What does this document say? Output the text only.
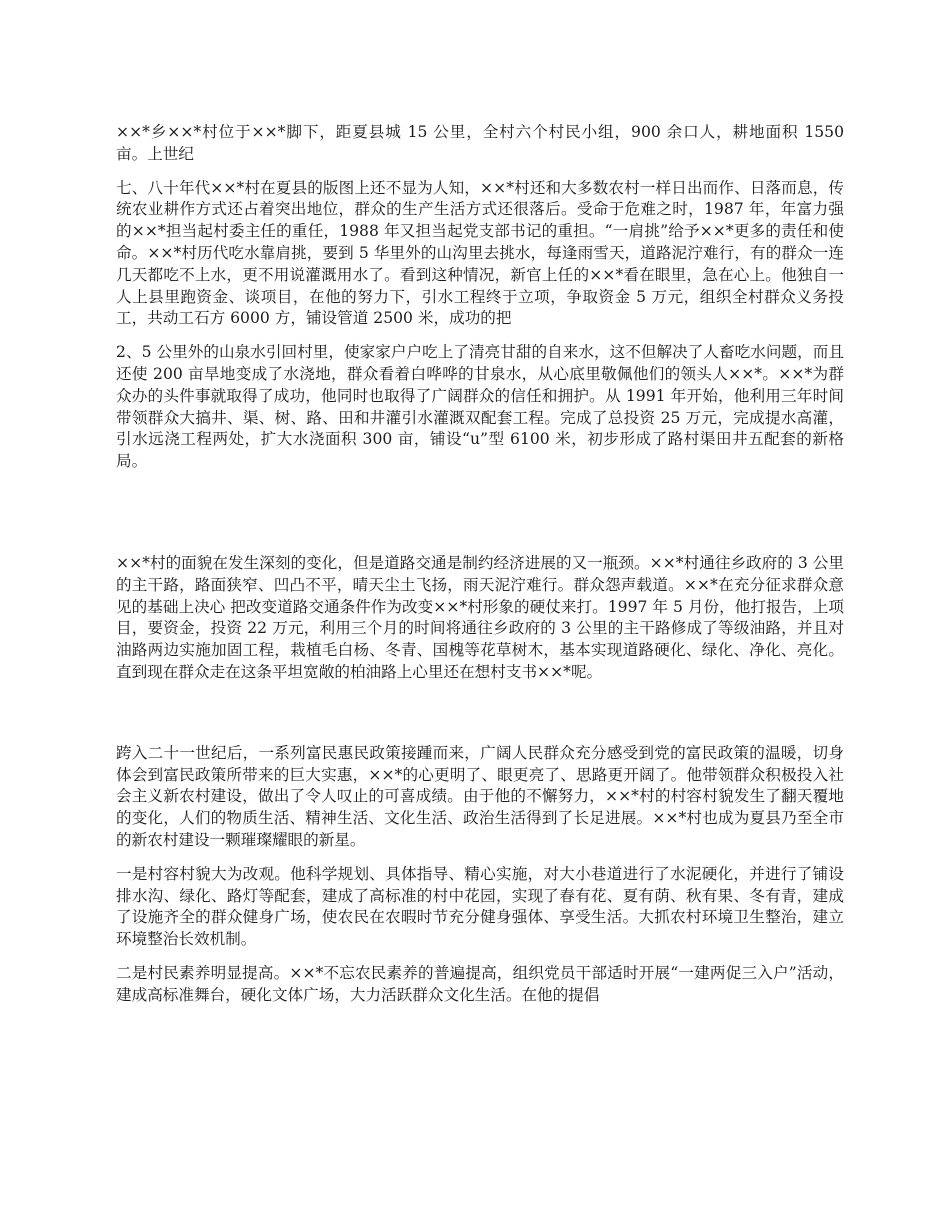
××*乡××*村位于××*脚下，距夏县城 15 公里，全村六个村民小组，900 余口人，耕地面积 1550 亩。上世纪

七、八十年代××*村在夏县的版图上还不显为人知，××*村还和大多数农村一样日出而作、日落而息，传统农业耕作方式还占着突出地位，群众的生产生活方式还很落后。受命于危难之时，1987 年，年富力强的××*担当起村委主任的重任，1988 年又担当起党支部书记的重担。“一肩挑”给予××*更多的责任和使命。××*村历代吃水靠肩挑，要到 5 华里外的山沟里去挑水，每逢雨雪天，道路泥泞难行，有的群众一连几天都吃不上水，更不用说灌溉用水了。看到这种情况，新官上任的××*看在眼里，急在心上。他独自一人上县里跑资金、谈项目，在他的努力下，引水工程终于立项，争取资金 5 万元，组织全村群众义务投工，共动工石方 6000 方，铺设管道 2500 米，成功的把

2、5 公里外的山泉水引回村里，使家家户户吃上了清亮甘甜的自来水，这不但解决了人畜吃水问题，而且还使 200 亩旱地变成了水浇地，群众看着白哗哗的甘泉水，从心底里敬佩他们的领头人××*。××*为群众办的头件事就取得了成功，他同时也取得了广阔群众的信任和拥护。从 1991 年开始，他利用三年时间带领群众大搞井、渠、树、路、田和井灌引水灌溉双配套工程。完成了总投资 25 万元，完成提水高灌，引水远浇工程两处，扩大水浇面积 300 亩，铺设“u”型 6100 米，初步形成了路村渠田井五配套的新格局。

××*村的面貌在发生深刻的变化，但是道路交通是制约经济进展的又一瓶颈。××*村通往乡政府的 3 公里的主干路，路面狭窄、凹凸不平，晴天尘土飞扬，雨天泥泞难行。群众怨声载道。××*在充分征求群众意见的基础上决心 把改变道路交通条件作为改变××*村形象的硬仗来打。1997 年 5 月份，他打报告，上项目，要资金，投资 22 万元，利用三个月的时间将通往乡政府的 3 公里的主干路修成了等级油路，并且对油路两边实施加固工程，栽植毛白杨、冬青、国槐等花草树木，基本实现道路硬化、绿化、净化、亮化。直到现在群众走在这条平坦宽敞的柏油路上心里还在想村支书××*呢。

跨入二十一世纪后，一系列富民惠民政策接踵而来，广阔人民群众充分感受到党的富民政策的温暖，切身体会到富民政策所带来的巨大实惠，××*的心更明了、眼更亮了、思路更开阔了。他带领群众积极投入社会主义新农村建设，做出了令人叹止的可喜成绩。由于他的不懈努力，××*村的村容村貌发生了翻天覆地的变化，人们的物质生活、精神生活、文化生活、政治生活得到了长足进展。××*村也成为夏县乃至全市的新农村建设一颗璀璨耀眼的新星。

一是村容村貌大为改观。他科学规划、具体指导、精心实施，对大小巷道进行了水泥硬化，并进行了铺设排水沟、绿化、路灯等配套，建成了高标准的村中花园，实现了春有花、夏有荫、秋有果、冬有青，建成了设施齐全的群众健身广场，使农民在农暇时节充分健身强体、享受生活。大抓农村环境卫生整治，建立环境整治长效机制。

二是村民素养明显提高。××*不忘农民素养的普遍提高，组织党员干部适时开展“一建两促三入户”活动，建成高标准舞台，硬化文体广场，大力活跃群众文化生活。在他的提倡
